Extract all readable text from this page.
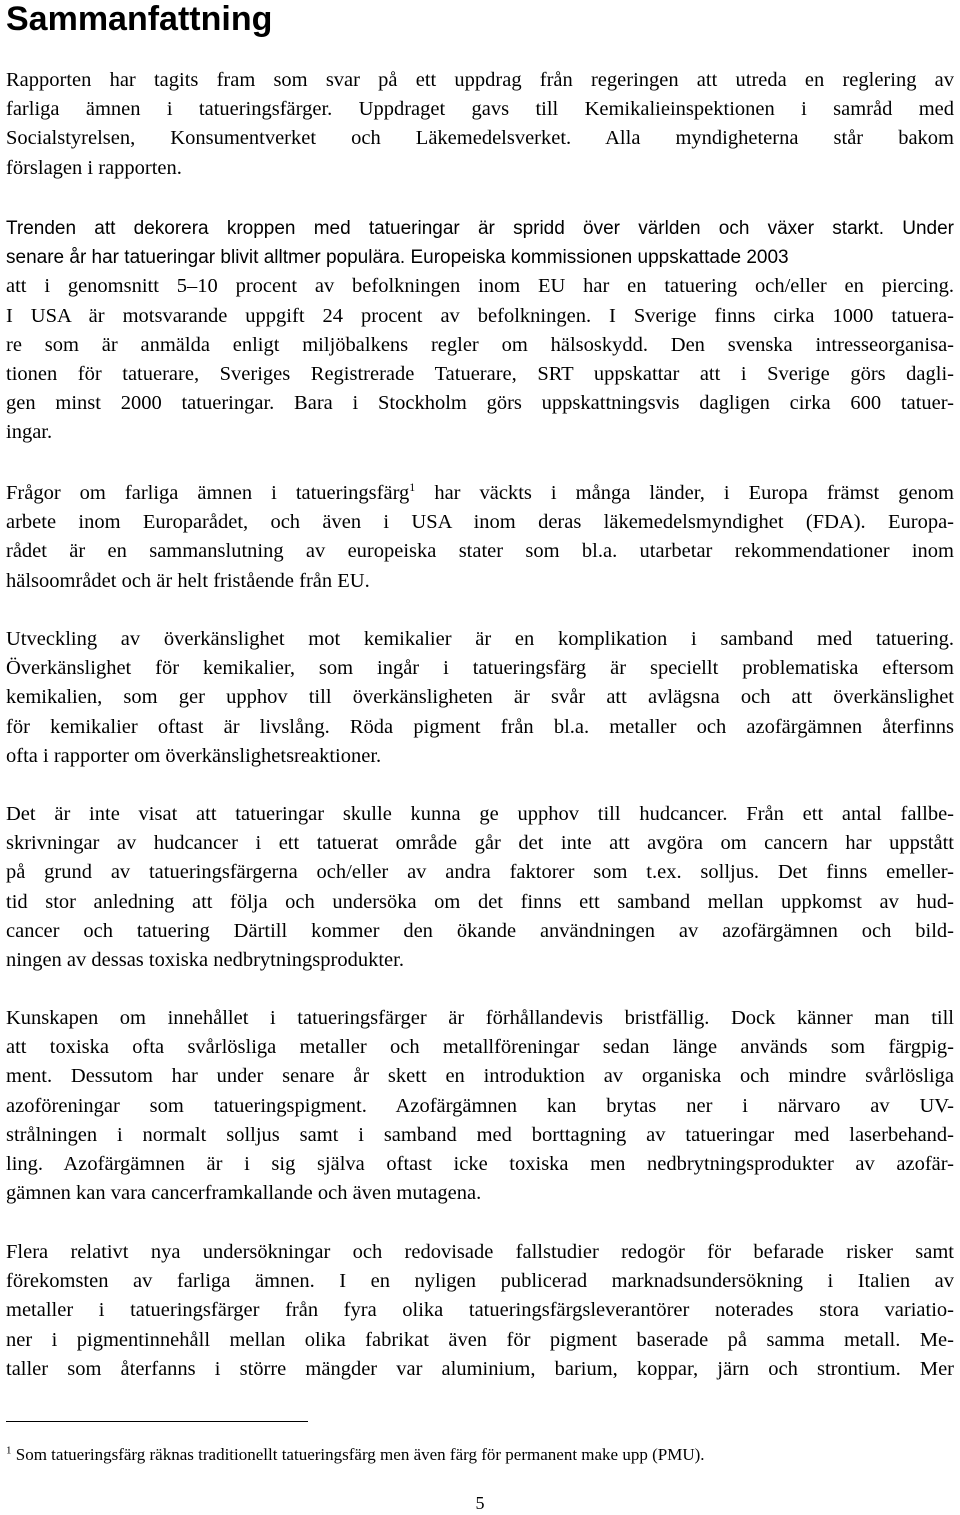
Sammanfattning
Rapporten har tagits fram som svar på ett uppdrag från regeringen att utreda en reglering av
farliga ämnen i tatueringsfärger. Uppdraget gavs till Kemikalieinspektionen i samråd med
Socialstyrelsen, Konsumentverket och Läkemedelsverket. Alla myndigheterna står bakom
förslagen i rapporten.
Trenden att dekorera kroppen med tatueringar är spridd över världen och växer starkt. Under
senare år har tatueringar blivit alltmer populära. Europeiska kommissionen uppskattade 2003
att i genomsnitt 5–10 procent av befolkningen inom EU har en tatuering och/eller en piercing.
I USA är motsvarande uppgift 24 procent av befolkningen. I Sverige finns cirka 1000 tatuera-
re som är anmälda enligt miljöbalkens regler om hälsoskydd. Den svenska intresseorganisa-
tionen för tatuerare, Sveriges Registrerade Tatuerare, SRT uppskattar att i Sverige görs dagli-
gen minst 2000 tatueringar. Bara i Stockholm görs uppskattningsvis dagligen cirka 600 tatuer-
ingar.
Frågor om farliga ämnen i tatueringsfärg$^1$ har väckts i många länder, i Europa främst genom
arbete inom Europarådet, och även i USA inom deras läkemedelsmyndighet (FDA). Europa-
rådet är en sammanslutning av europeiska stater som bl.a. utarbetar rekommendationer inom
hälsoområdet och är helt fristående från EU.
Utveckling av överkänslighet mot kemikalier är en komplikation i samband med tatuering.
Överkänslighet för kemikalier, som ingår i tatueringsfärg är speciellt problematiska eftersom
kemikalien, som ger upphov till överkänsligheten är svår att avlägsna och att överkänslighet
för kemikalier oftast är livslång. Röda pigment från bl.a. metaller och azofärgämnen återfinns
ofta i rapporter om överkänslighetsreaktioner.
Det är inte visat att tatueringar skulle kunna ge upphov till hudcancer. Från ett antal fallbe-
skrivningar av hudcancer i ett tatuerat område går det inte att avgöra om cancern har uppstått
på grund av tatueringsfärgerna och/eller av andra faktorer som t.ex. solljus. Det finns emeller-
tid stor anledning att följa och undersöka om det finns ett samband mellan uppkomst av hud-
cancer och tatuering Därtill kommer den ökande användningen av azofärgämnen och bild-
ningen av dessas toxiska nedbrytningsprodukter.
Kunskapen om innehållet i tatueringsfärger är förhållandevis bristfällig. Dock känner man till
att toxiska ofta svårlösliga metaller och metallföreningar sedan länge används som färgpig-
ment. Dessutom har under senare år skett en introduktion av organiska och mindre svårlösliga
azoföreningar som tatueringspigment. Azofärgämnen kan brytas ner i närvaro av UV-
strålningen i normalt solljus samt i samband med borttagning av tatueringar med laserbehand-
ling. Azofärgämnen är i sig själva oftast icke toxiska men nedbrytningsprodukter av azofär-
gämnen kan vara cancerframkallande och även mutagena.
Flera relativt nya undersökningar och redovisade fallstudier redogör för befarade risker samt
förekomsten av farliga ämnen. I en nyligen publicerad marknadsundersökning i Italien av
metaller i tatueringsfärger från fyra olika tatueringsfärgsleverantörer noterades stora variatio-
ner i pigmentinnehåll mellan olika fabrikat även för pigment baserade på samma metall. Me-
taller som återfanns i större mängder var aluminium, barium, koppar, järn och strontium. Mer
$^1$ Som tatueringsfärg räknas traditionellt tatueringsfärg men även färg för permanent make upp (PMU).
5
